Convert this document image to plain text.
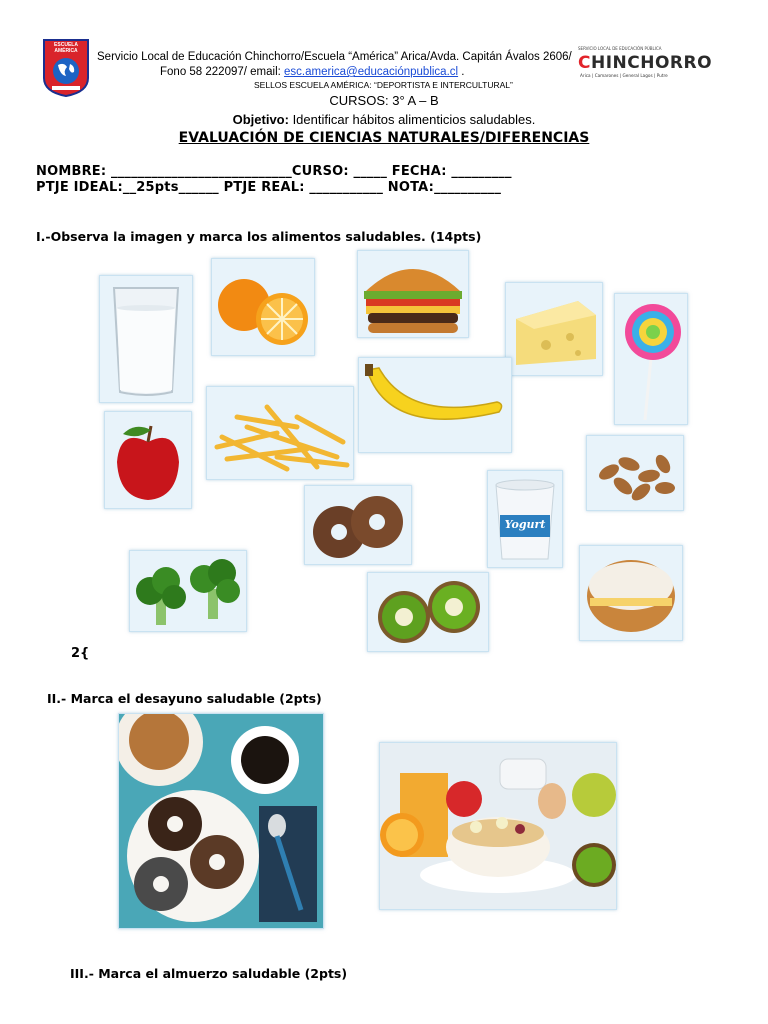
ESCUELA AMÉRICA	Servicio Local de Educación Chinchorro/Escuela “América” Arica/Avda. Capitán Ávalos 2606/
Fono 58 222097/ email: esc.america@educaciónpublica.cl .
SELLOS ESCUELA AMÉRICA: “DEPORTISTA E INTERCULTURAL”
SERVICIO LOCAL DE EDUCACIÓN PÚBLICA
CHINCHORRO
Arica | Camarones | General Lagos | Putre
CURSOS: 3° A – B
Objetivo: Identificar hábitos alimenticios saludables.
EVALUACIÓN DE CIENCIAS NATURALES/DIFERENCIAS
NOMBRE: ___________________________CURSO: _____ FECHA: _________
PTJE IDEAL:__25pts______ PTJE REAL: ___________ NOTA:__________
I.-Observa la imagen y marca los alimentos saludables. (14pts)
Yogurt
2{
II.- Marca el desayuno saludable (2pts)
III.- Marca el almuerzo saludable (2pts)
